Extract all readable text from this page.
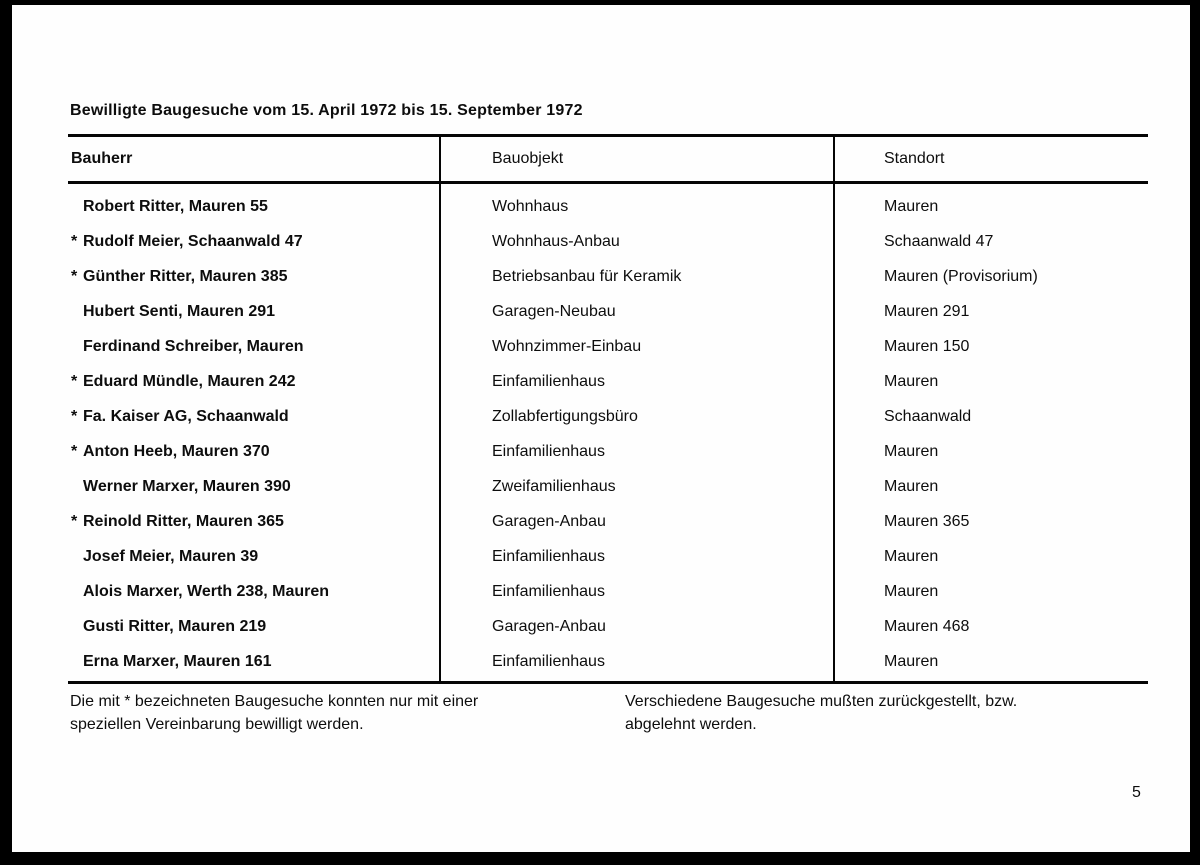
Bewilligte Baugesuche vom 15. April 1972 bis 15. September 1972
Bauherr	Bauobjekt	Standort
Robert Ritter, Mauren 55	Wohnhaus	Mauren
* Rudolf Meier, Schaanwald 47	Wohnhaus-Anbau	Schaanwald 47
* Günther Ritter, Mauren 385	Betriebsanbau für Keramik	Mauren (Provisorium)
Hubert Senti, Mauren 291	Garagen-Neubau	Mauren 291
Ferdinand Schreiber, Mauren	Wohnzimmer-Einbau	Mauren 150
* Eduard Mündle, Mauren 242	Einfamilienhaus	Mauren
* Fa. Kaiser AG, Schaanwald	Zollabfertigungsbüro	Schaanwald
* Anton Heeb, Mauren 370	Einfamilienhaus	Mauren
Werner Marxer, Mauren 390	Zweifamilienhaus	Mauren
* Reinold Ritter, Mauren 365	Garagen-Anbau	Mauren 365
Josef Meier, Mauren 39	Einfamilienhaus	Mauren
Alois Marxer, Werth 238, Mauren	Einfamilienhaus	Mauren
Gusti Ritter, Mauren 219	Garagen-Anbau	Mauren 468
Erna Marxer, Mauren 161	Einfamilienhaus	Mauren
Die mit * bezeichneten Baugesuche konnten nur mit einer
speziellen Vereinbarung bewilligt werden.
Verschiedene Baugesuche mußten zurückgestellt, bzw.
abgelehnt werden.
5
